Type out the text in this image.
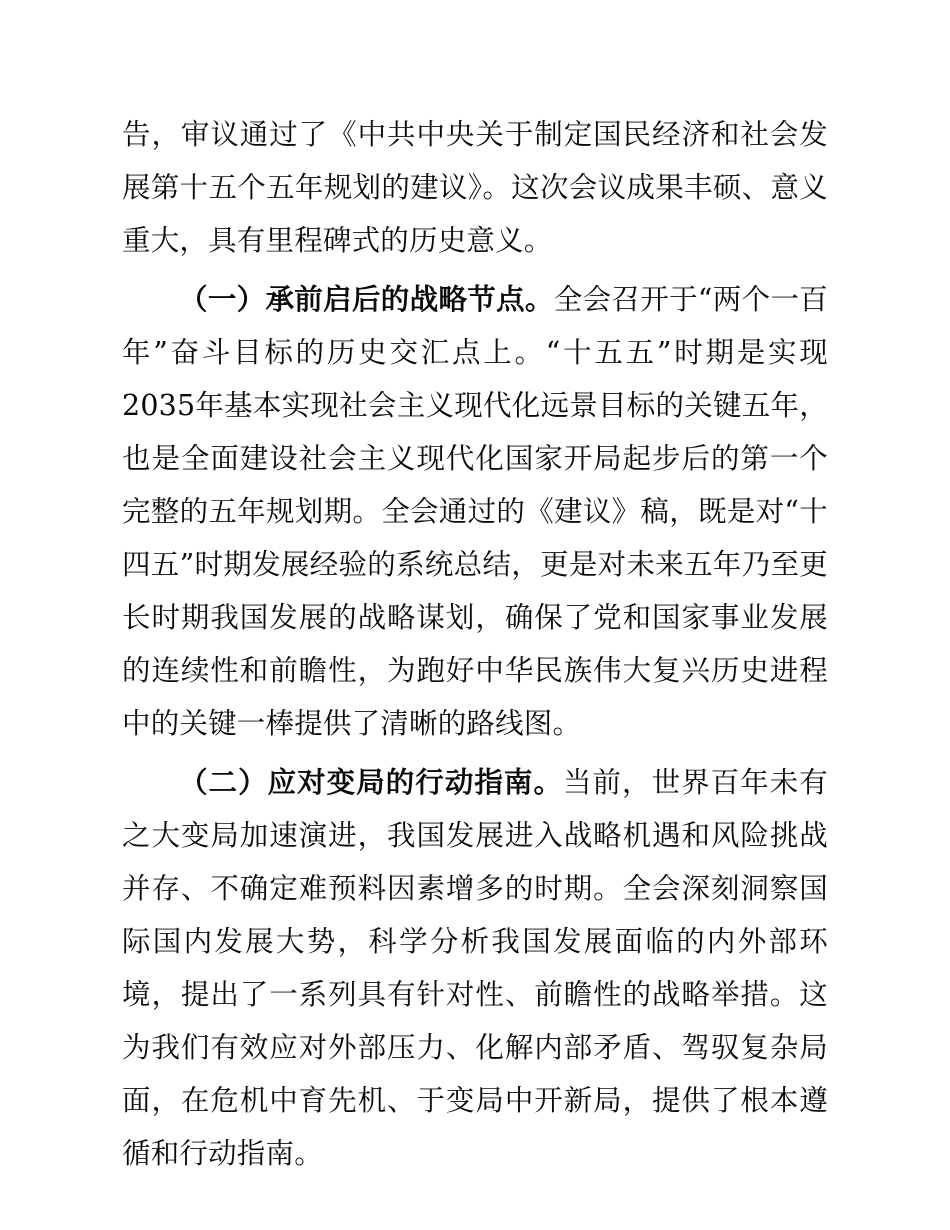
告，审议通过了《中共中央关于制定国民经济和社会发展第十五个五年规划的建议》。这次会议成果丰硕、意义重大，具有里程碑式的历史意义。

（一）承前启后的战略节点。全会召开于“两个一百年”奋斗目标的历史交汇点上。“十五五”时期是实现2035年基本实现社会主义现代化远景目标的关键五年，也是全面建设社会主义现代化国家开局起步后的第一个完整的五年规划期。全会通过的《建议》稿，既是对“十四五”时期发展经验的系统总结，更是对未来五年乃至更长时期我国发展的战略谋划，确保了党和国家事业发展的连续性和前瞻性，为跑好中华民族伟大复兴历史进程中的关键一棒提供了清晰的路线图。

（二）应对变局的行动指南。当前，世界百年未有之大变局加速演进，我国发展进入战略机遇和风险挑战并存、不确定难预料因素增多的时期。全会深刻洞察国际国内发展大势，科学分析我国发展面临的内外部环境，提出了一系列具有针对性、前瞻性的战略举措。这为我们有效应对外部压力、化解内部矛盾、驾驭复杂局面，在危机中育先机、于变局中开新局，提供了根本遵循和行动指南。
